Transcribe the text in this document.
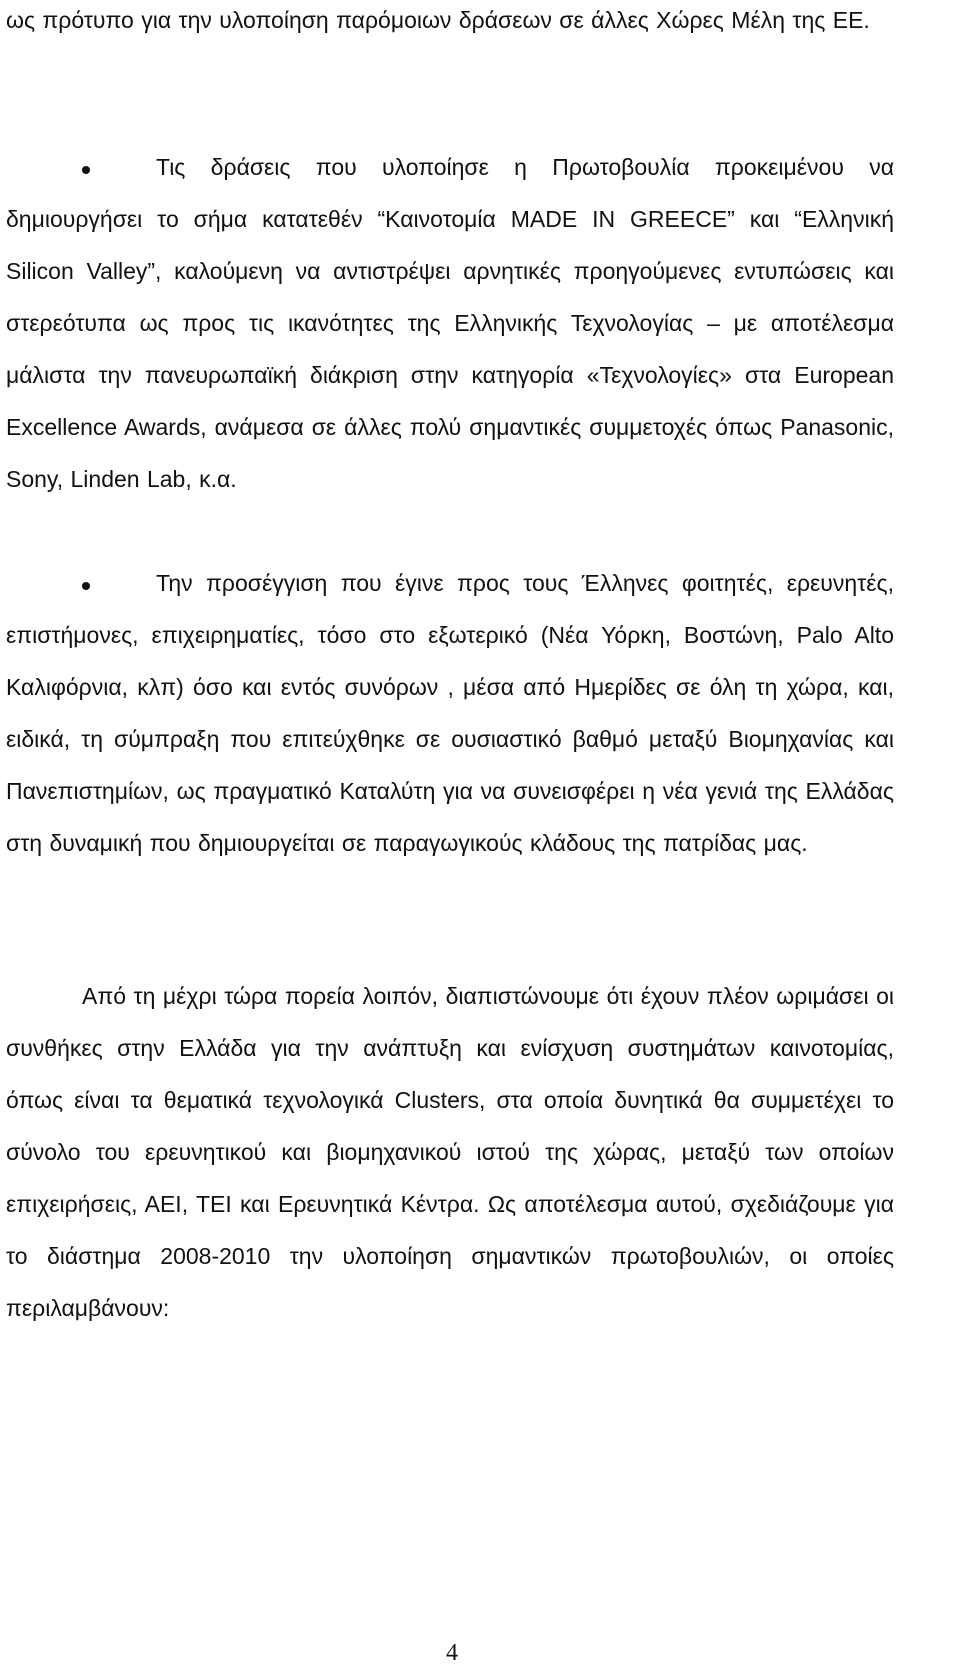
ως πρότυπο για την υλοποίηση παρόμοιων δράσεων σε άλλες Χώρες Μέλη της ΕΕ.

Τις δράσεις που υλοποίησε η Πρωτοβουλία προκειμένου να δημιουργήσει το σήμα κατατεθέν “Καινοτομία MADE IN GREECE” και “Ελληνική Silicon Valley”, καλούμενη να αντιστρέψει αρνητικές προηγούμενες εντυπώσεις και στερεότυπα ως προς τις ικανότητες της Ελληνικής Τεχνολογίας – με αποτέλεσμα μάλιστα την πανευρωπαϊκή διάκριση στην κατηγορία «Τεχνολογίες» στα European Excellence Awards, ανάμεσα σε άλλες πολύ σημαντικές συμμετοχές όπως Panasonic, Sony, Linden Lab, κ.α.

Την προσέγγιση που έγινε προς τους Έλληνες φοιτητές, ερευνητές, επιστήμονες, επιχειρηματίες, τόσο στο εξωτερικό (Νέα Υόρκη, Βοστώνη, Palo Alto Καλιφόρνια, κλπ) όσο και εντός συνόρων , μέσα από Ημερίδες σε όλη τη χώρα, και, ειδικά, τη σύμπραξη που επιτεύχθηκε σε ουσιαστικό βαθμό μεταξύ Βιομηχανίας και Πανεπιστημίων, ως πραγματικό Καταλύτη για να συνεισφέρει η νέα γενιά της Ελλάδας στη δυναμική που δημιουργείται σε παραγωγικούς κλάδους της πατρίδας μας.

Από τη μέχρι τώρα πορεία λοιπόν, διαπιστώνουμε ότι έχουν πλέον ωριμάσει οι συνθήκες στην Ελλάδα για την ανάπτυξη και ενίσχυση συστημάτων καινοτομίας, όπως είναι τα θεματικά τεχνολογικά Clusters, στα οποία δυνητικά θα συμμετέχει το σύνολο του ερευνητικού και βιομηχανικού ιστού της χώρας, μεταξύ των οποίων επιχειρήσεις, ΑΕΙ, ΤΕΙ και Ερευνητικά Κέντρα. Ως αποτέλεσμα αυτού, σχεδιάζουμε για το διάστημα 2008-2010 την υλοποίηση σημαντικών πρωτοβουλιών, οι οποίες περιλαμβάνουν:

4
